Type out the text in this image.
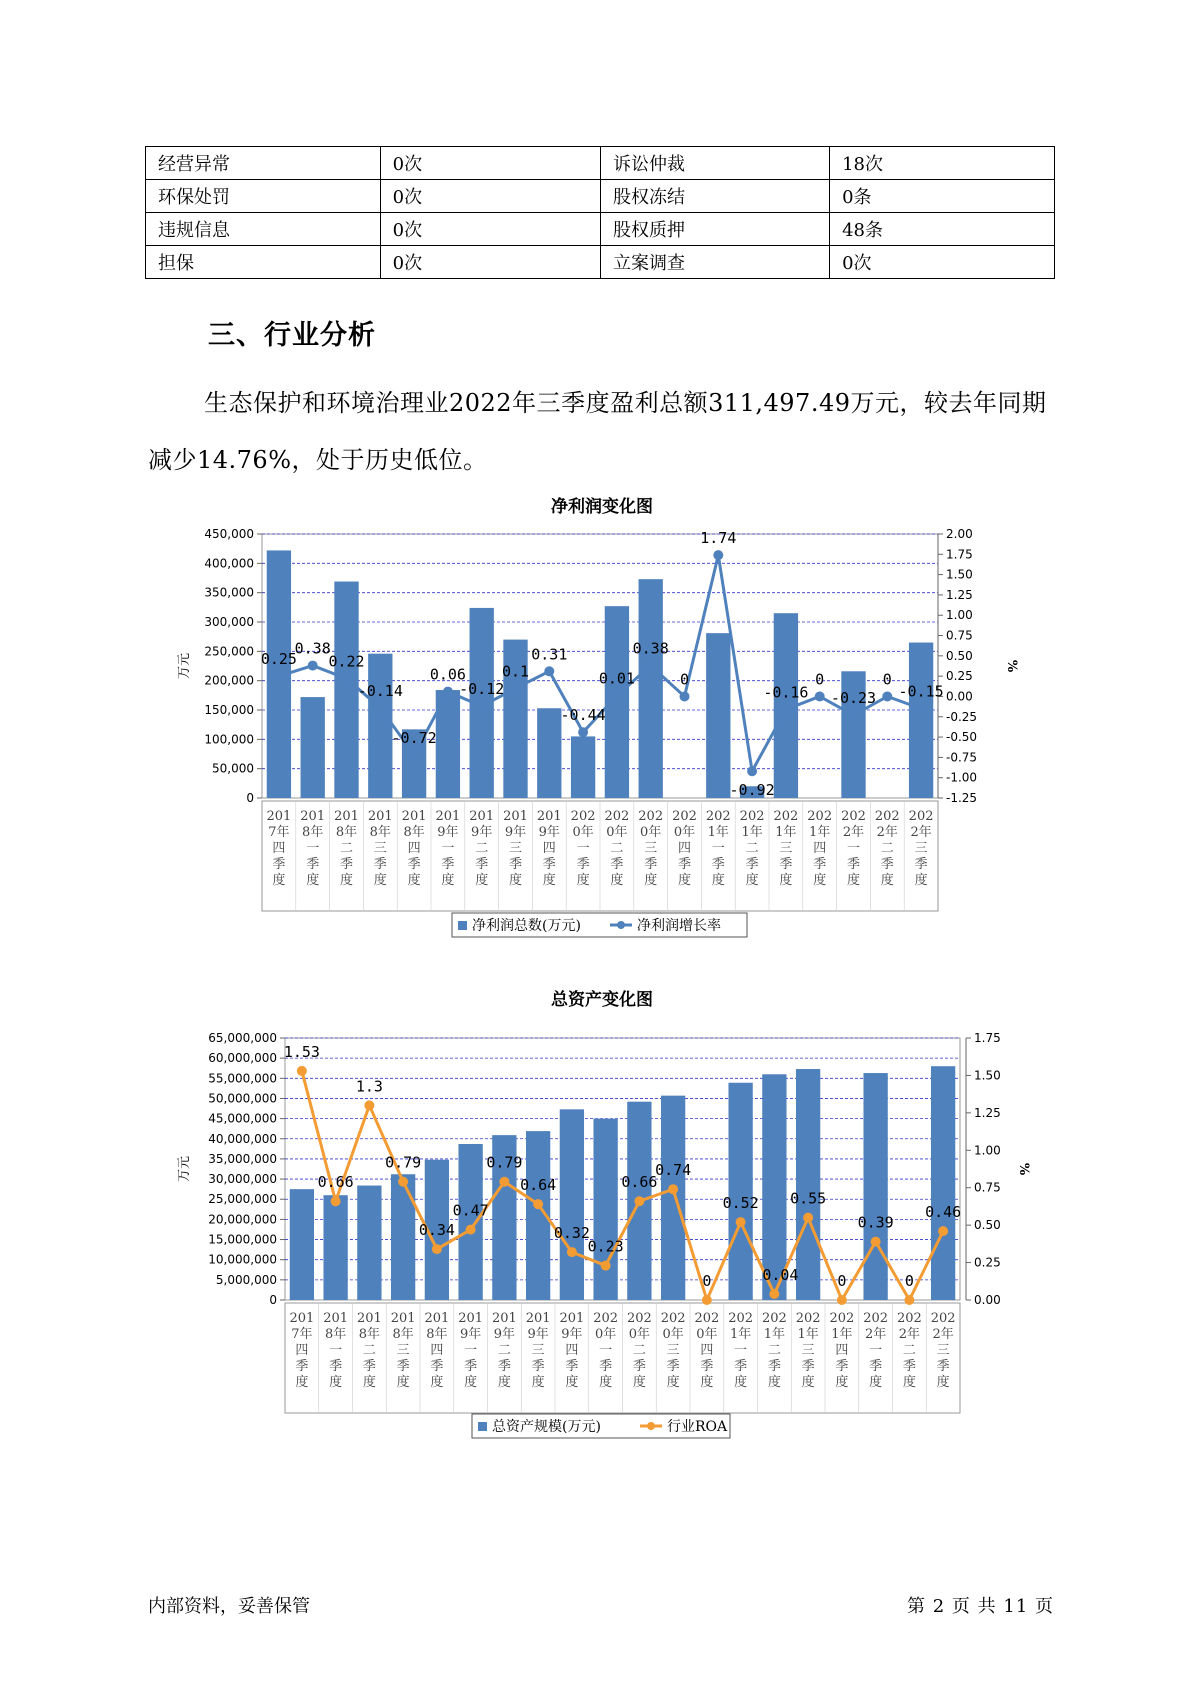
经营异常	0次	诉讼仲裁	18次
环保处罚	0次	股权冻结	0条
违规信息	0次	股权质押	48条
担保	0次	立案调查	0次
三、行业分析

生态保护和环境治理业2022年三季度盈利总额311,497.49万元，较去年同期减少14.76%，处于历史低位。

净利润变化图
0
50,000
100,000
150,000
200,000
250,000
300,000
350,000
400,000
450,000
-1.25
-1.00
-0.75
-0.50
-0.25
0.00
0.25
0.50
0.75
1.00
1.25
1.50
1.75
2.00
万元	%
201
7年
四
季
度
201
8年
一
季
度
201
8年
二
季
度
201
8年
三
季
度
201
8年
四
季
度
201
9年
一
季
度
201
9年
二
季
度
201
9年
三
季
度
201
9年
四
季
度
202
0年
一
季
度
202
0年
二
季
度
202
0年
三
季
度
202
0年
四
季
度
202
1年
一
季
度
202
1年
二
季
度
202
1年
三
季
度
202
1年
四
季
度
202
2年
一
季
度
202
2年
二
季
度
202
2年
三
季
度
0.25
0.38
0.22
-0.14
-0.72
0.06
-0.12
0.1
0.31
-0.44
0.01
0.38
0
1.74
-0.92
-0.16
0
-0.23
0
-0.15
净利润总数(万元)	净利润增长率
总资产变化图
0
5,000,000
10,000,000
15,000,000
20,000,000
25,000,000
30,000,000
35,000,000
40,000,000
45,000,000
50,000,000
55,000,000
60,000,000
65,000,000
0.00
0.25
0.50
0.75
1.00
1.25
1.50
1.75
万元	%
201
7年
四
季
度
201
8年
一
季
度
201
8年
二
季
度
201
8年
三
季
度
201
8年
四
季
度
201
9年
一
季
度
201
9年
二
季
度
201
9年
三
季
度
201
9年
四
季
度
202
0年
一
季
度
202
0年
二
季
度
202
0年
三
季
度
202
0年
四
季
度
202
1年
一
季
度
202
1年
二
季
度
202
1年
三
季
度
202
1年
四
季
度
202
2年
一
季
度
202
2年
二
季
度
202
2年
三
季
度
1.53
0.66
1.3
0.79
0.34
0.47
0.79
0.64
0.32
0.23
0.66
0.74
0
0.52
0.04
0.55
0
0.39
0
0.46
总资产规模(万元)	行业ROA
内部资料，妥善保管	第 2 页 共 11 页
